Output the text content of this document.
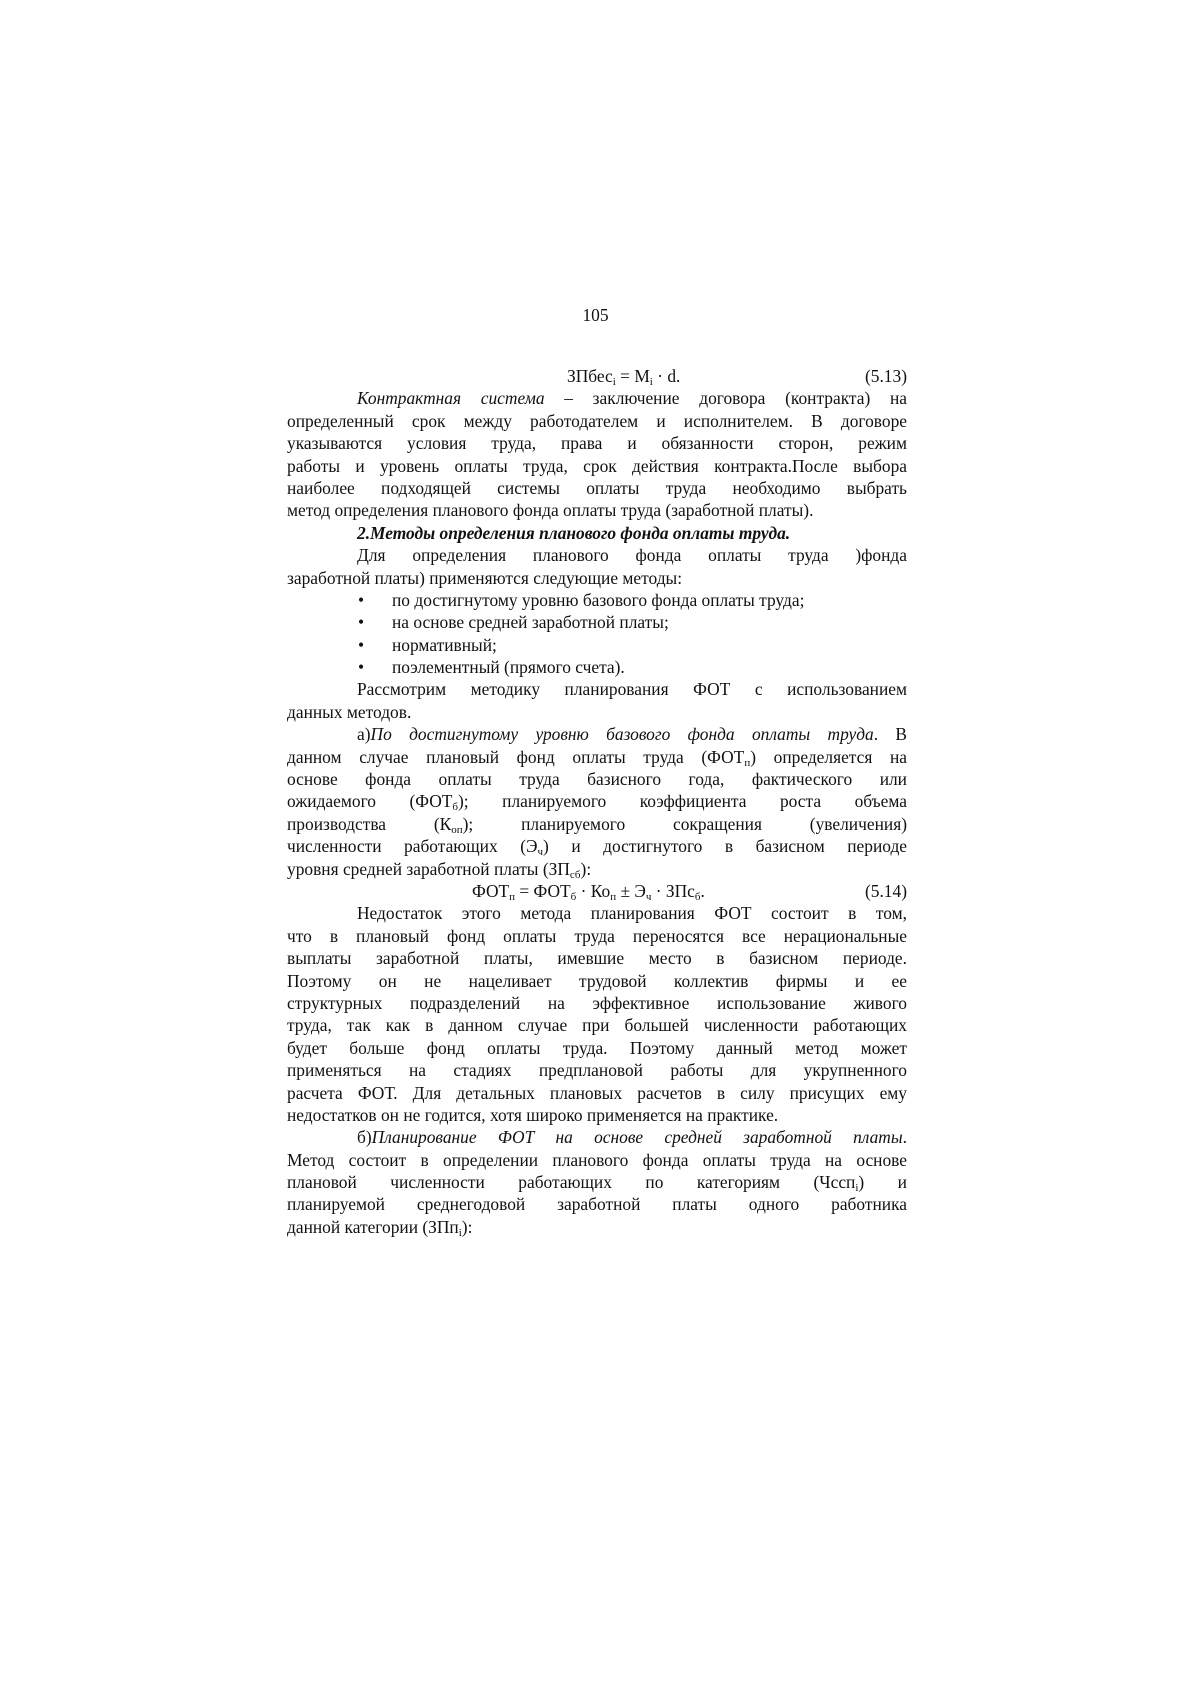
105
ЗПбес$_i$ = $M_i \cdot d$.	(5.13)
Контрактная система – заключение договора (контракта) на
определенный срок между работодателем и исполнителем. В договоре
указываются условия труда, права и обязанности сторон, режим
работы и уровень оплаты труда, срок действия контракта.После выбора
наиболее подходящей системы оплаты труда необходимо выбрать
метод определения планового фонда оплаты труда (заработной платы).
2.Методы определения планового фонда оплаты труда.
Для определения планового фонда оплаты труда )фонда
заработной платы) применяются следующие методы:
• по достигнутому уровню базового фонда оплаты труда;
• на основе средней заработной платы;
• нормативный;
• поэлементный (прямого счета).
Рассмотрим методику планирования ФОТ с использованием
данных методов.
а)По достигнутому уровню базового фонда оплаты труда. В
данном случае плановый фонд оплаты труда $(ФОТ_п)$ определяется на
основе фонда оплаты труда базисного года, фактического или
ожидаемого $(ФОТ_б)$; планируемого коэффициента роста объема
производства $(К_{оп})$; планируемого сокращения (увеличения)
численности работающих $(Э_ч)$ и достигнутого в базисном периоде
уровня средней заработной платы $(ЗП_{сб})$:
$ФОТ_п = ФОТ_б \cdot Ко_п \pm Э_ч \cdot ЗПс_б$.	(5.14)
Недостаток этого метода планирования ФОТ состоит в том,
что в плановый фонд оплаты труда переносятся все нерациональные
выплаты заработной платы, имевшие место в базисном периоде.
Поэтому он не нацеливает трудовой коллектив фирмы и ее
структурных подразделений на эффективное использование живого
труда, так как в данном случае при большей численности работающих
будет больше фонд оплаты труда. Поэтому данный метод может
применяться на стадиях предплановой работы для укрупненного
расчета ФОТ. Для детальных плановых расчетов в силу присущих ему
недостатков он не годится, хотя широко применяется на практике.
б)Планирование ФОТ на основе средней заработной платы.
Метод состоит в определении планового фонда оплаты труда на основе
плановой численности работающих по категориям (Чссп$_i$) и
планируемой среднегодовой заработной платы одного работника
данной категории (ЗПп$_i$):
